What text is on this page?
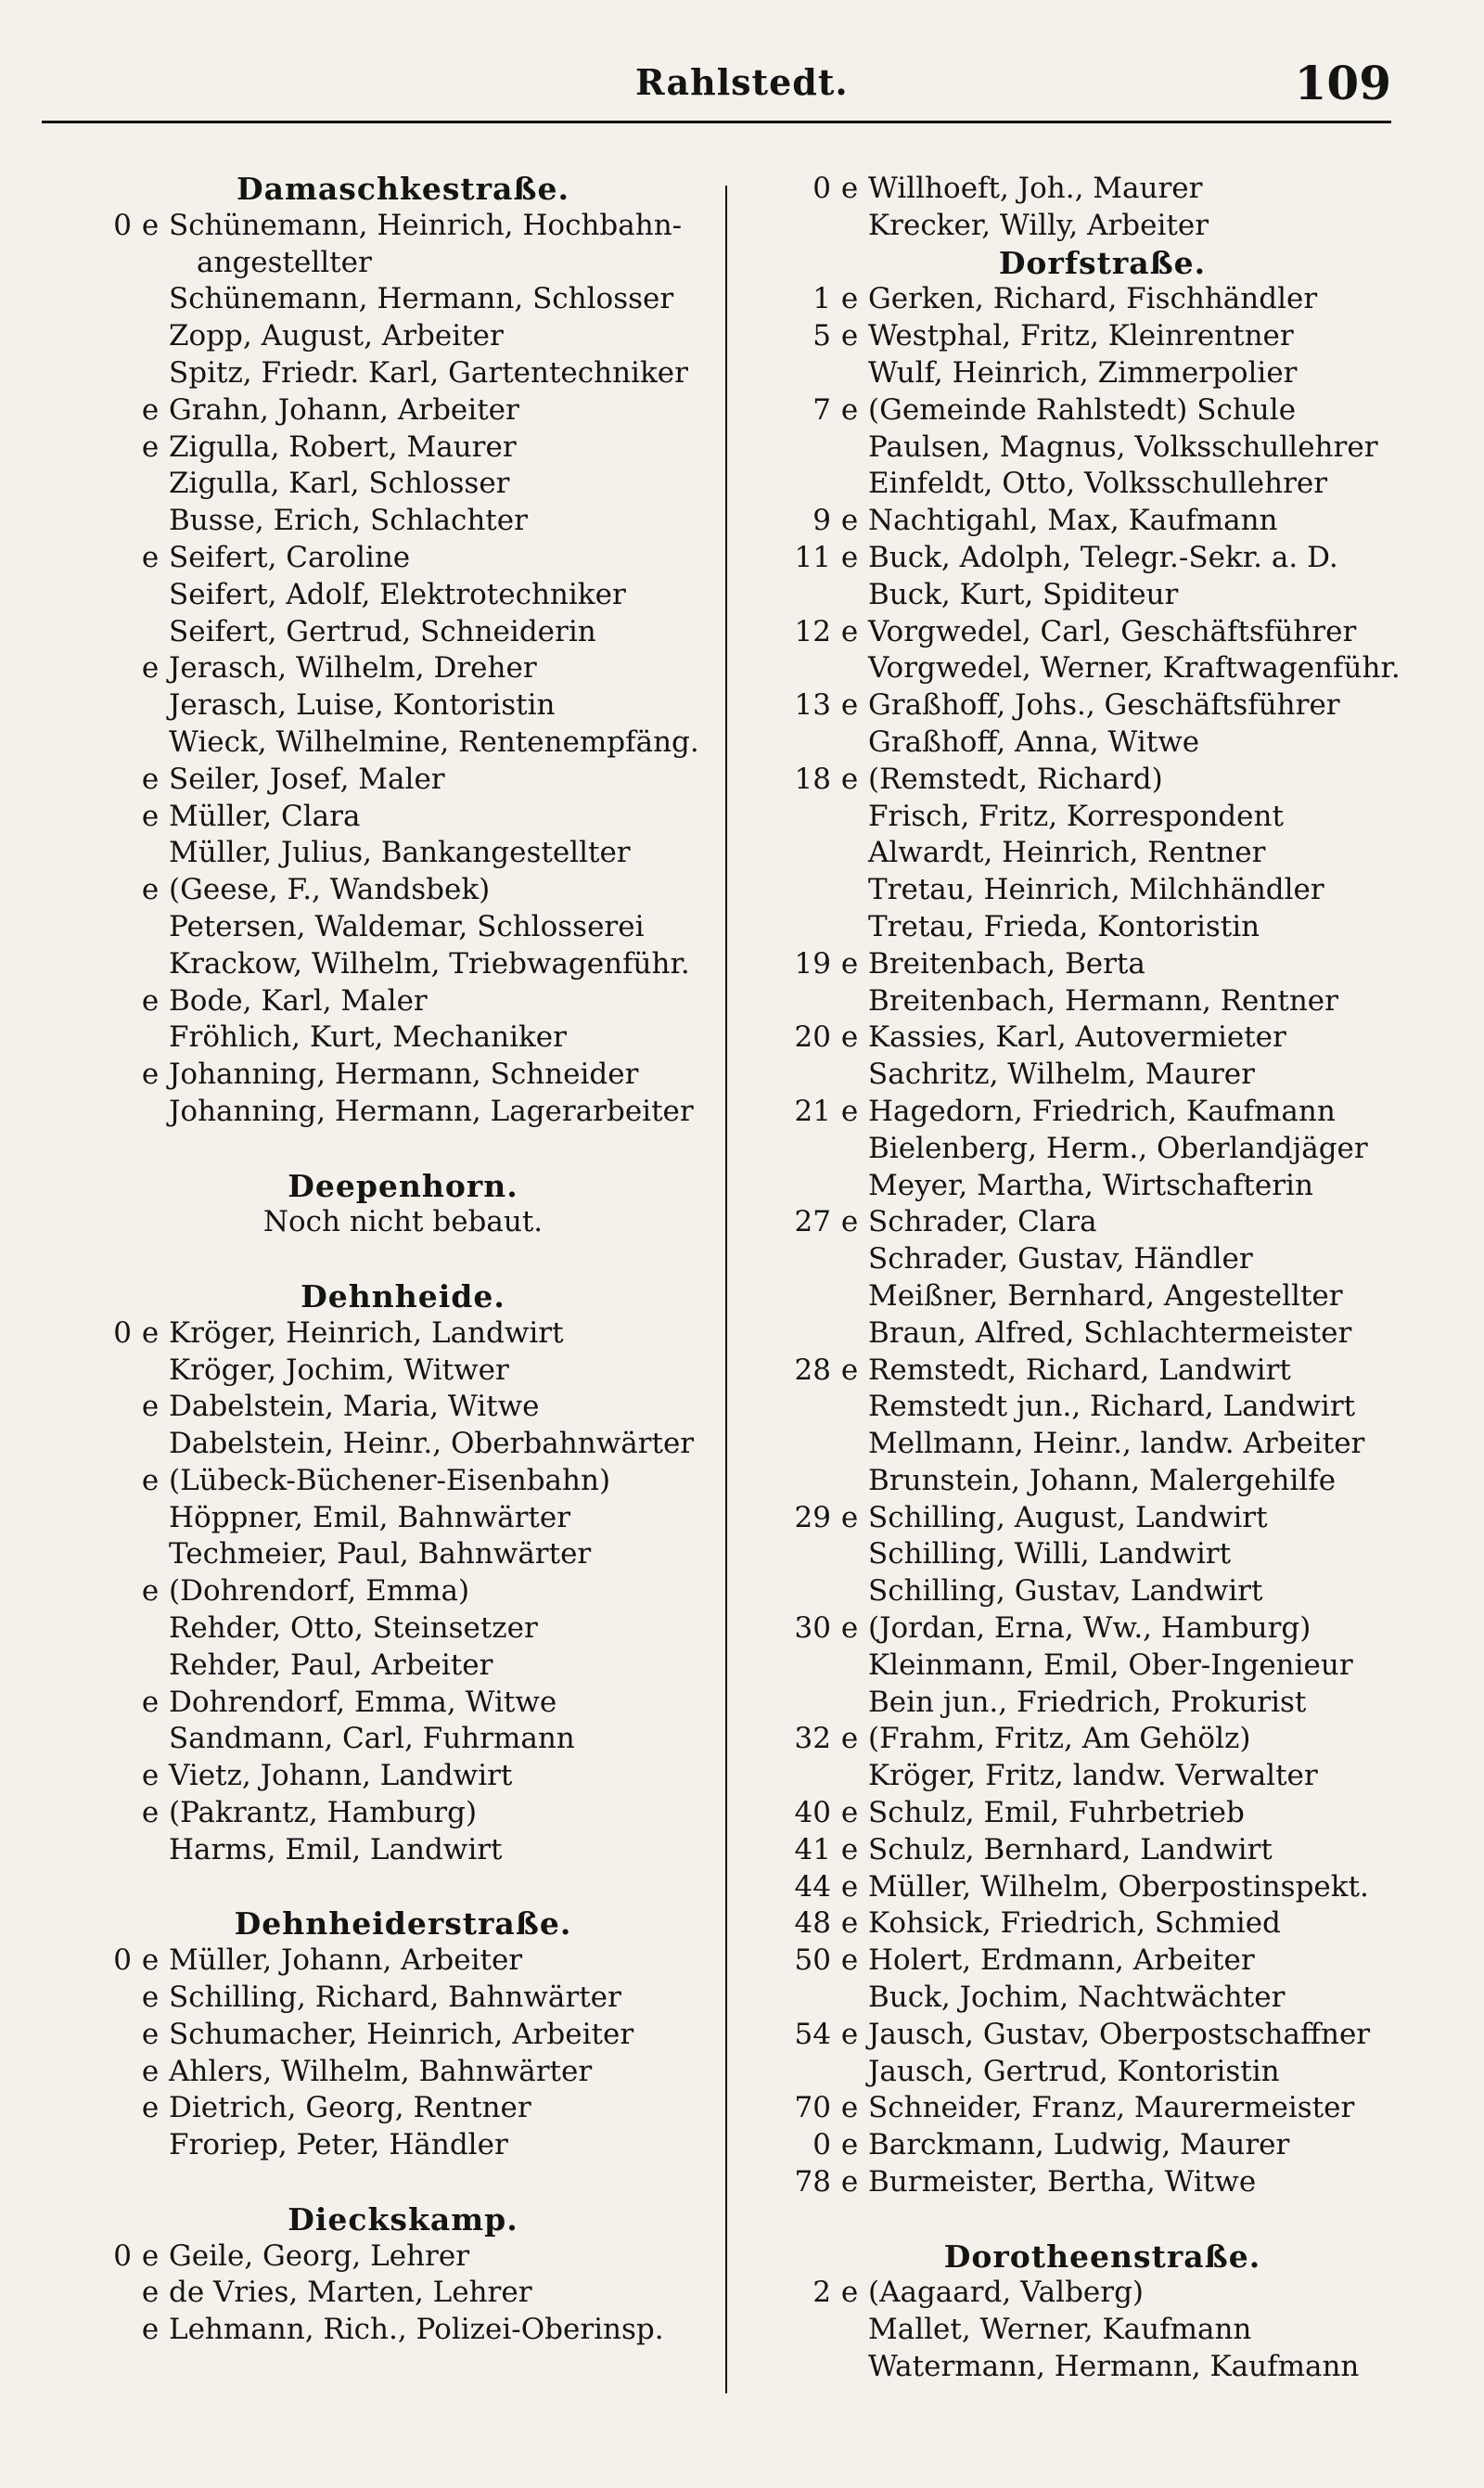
Rahlstedt.	109
Damaschkestraße.
0 e Schünemann, Heinrich, Hochbahn-
angestellter
Schünemann, Hermann, Schlosser
Zopp, August, Arbeiter
Spitz, Friedr. Karl, Gartentechniker
e Grahn, Johann, Arbeiter
e Zigulla, Robert, Maurer
Zigulla, Karl, Schlosser
Busse, Erich, Schlachter
e Seifert, Caroline
Seifert, Adolf, Elektrotechniker
Seifert, Gertrud, Schneiderin
e Jerasch, Wilhelm, Dreher
Jerasch, Luise, Kontoristin
Wieck, Wilhelmine, Rentenempfäng.
e Seiler, Josef, Maler
e Müller, Clara
Müller, Julius, Bankangestellter
e (Geese, F., Wandsbek)
Petersen, Waldemar, Schlosserei
Krackow, Wilhelm, Triebwagenführ.
e Bode, Karl, Maler
Fröhlich, Kurt, Mechaniker
e Johanning, Hermann, Schneider
Johanning, Hermann, Lagerarbeiter
Deepenhorn.
Noch nicht bebaut.
Dehnheide.
0 e Kröger, Heinrich, Landwirt
Kröger, Jochim, Witwer
e Dabelstein, Maria, Witwe
Dabelstein, Heinr., Oberbahnwärter
e (Lübeck-Büchener-Eisenbahn)
Höppner, Emil, Bahnwärter
Techmeier, Paul, Bahnwärter
e (Dohrendorf, Emma)
Rehder, Otto, Steinsetzer
Rehder, Paul, Arbeiter
e Dohrendorf, Emma, Witwe
Sandmann, Carl, Fuhrmann
e Vietz, Johann, Landwirt
e (Pakrantz, Hamburg)
Harms, Emil, Landwirt
Dehnheiderstraße.
0 e Müller, Johann, Arbeiter
e Schilling, Richard, Bahnwärter
e Schumacher, Heinrich, Arbeiter
e Ahlers, Wilhelm, Bahnwärter
e Dietrich, Georg, Rentner
Froriep, Peter, Händler
Dieckskamp.
0 e Geile, Georg, Lehrer
e de Vries, Marten, Lehrer
e Lehmann, Rich., Polizei-Oberinsp.
0 e Willhoeft, Joh., Maurer
Krecker, Willy, Arbeiter
Dorfstraße.
1 e Gerken, Richard, Fischhändler
5 e Westphal, Fritz, Kleinrentner
Wulf, Heinrich, Zimmerpolier
7 e (Gemeinde Rahlstedt) Schule
Paulsen, Magnus, Volksschullehrer
Einfeldt, Otto, Volksschullehrer
9 e Nachtigahl, Max, Kaufmann
11 e Buck, Adolph, Telegr.-Sekr. a. D.
Buck, Kurt, Spiditeur
12 e Vorgwedel, Carl, Geschäftsführer
Vorgwedel, Werner, Kraftwagenführ.
13 e Graßhoff, Johs., Geschäftsführer
Graßhoff, Anna, Witwe
18 e (Remstedt, Richard)
Frisch, Fritz, Korrespondent
Alwardt, Heinrich, Rentner
Tretau, Heinrich, Milchhändler
Tretau, Frieda, Kontoristin
19 e Breitenbach, Berta
Breitenbach, Hermann, Rentner
20 e Kassies, Karl, Autovermieter
Sachritz, Wilhelm, Maurer
21 e Hagedorn, Friedrich, Kaufmann
Bielenberg, Herm., Oberlandjäger
Meyer, Martha, Wirtschafterin
27 e Schrader, Clara
Schrader, Gustav, Händler
Meißner, Bernhard, Angestellter
Braun, Alfred, Schlachtermeister
28 e Remstedt, Richard, Landwirt
Remstedt jun., Richard, Landwirt
Mellmann, Heinr., landw. Arbeiter
Brunstein, Johann, Malergehilfe
29 e Schilling, August, Landwirt
Schilling, Willi, Landwirt
Schilling, Gustav, Landwirt
30 e (Jordan, Erna, Ww., Hamburg)
Kleinmann, Emil, Ober-Ingenieur
Bein jun., Friedrich, Prokurist
32 e (Frahm, Fritz, Am Gehölz)
Kröger, Fritz, landw. Verwalter
40 e Schulz, Emil, Fuhrbetrieb
41 e Schulz, Bernhard, Landwirt
44 e Müller, Wilhelm, Oberpostinspekt.
48 e Kohsick, Friedrich, Schmied
50 e Holert, Erdmann, Arbeiter
Buck, Jochim, Nachtwächter
54 e Jausch, Gustav, Oberpostschaffner
Jausch, Gertrud, Kontoristin
70 e Schneider, Franz, Maurermeister
0 e Barckmann, Ludwig, Maurer
78 e Burmeister, Bertha, Witwe
Dorotheenstraße.
2 e (Aagaard, Valberg)
Mallet, Werner, Kaufmann
Watermann, Hermann, Kaufmann
